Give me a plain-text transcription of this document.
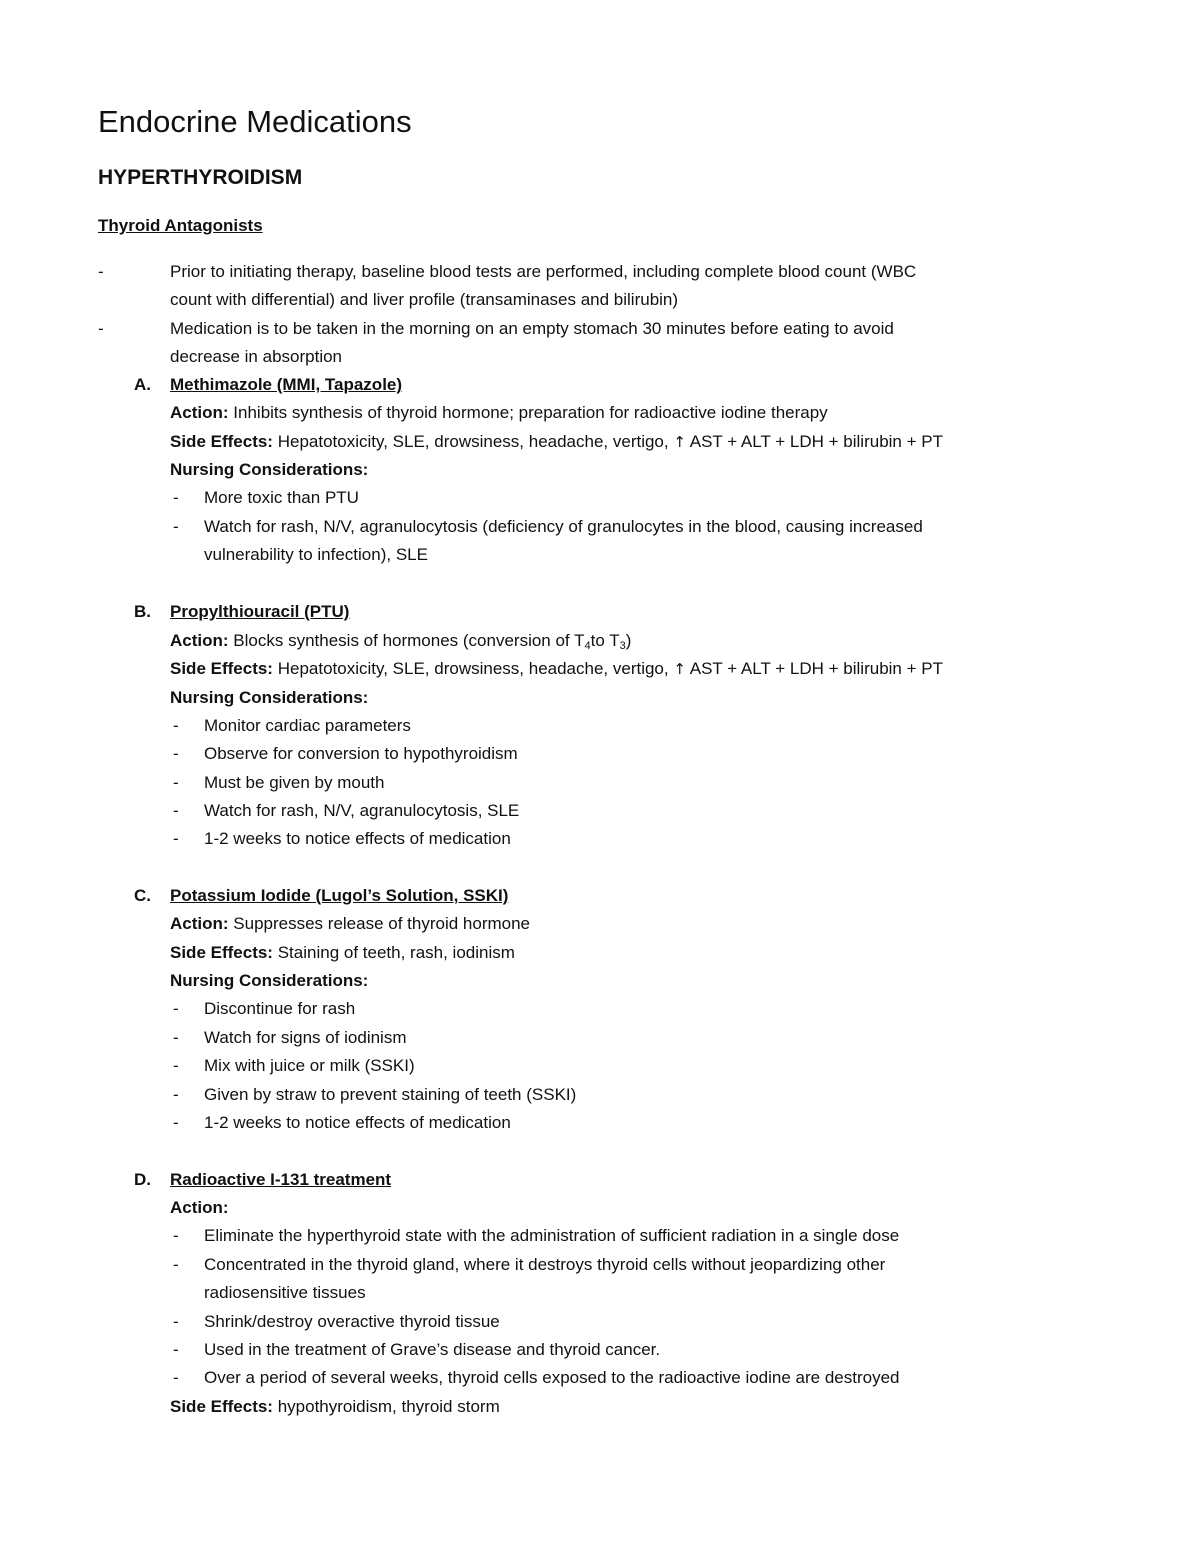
Endocrine Medications
HYPERTHYROIDISM
Thyroid Antagonists
-
Prior to initiating therapy, baseline blood tests are performed, including complete blood count (WBC
count with differential) and liver profile (transaminases and bilirubin)
-
Medication is to be taken in the morning on an empty stomach 30 minutes before eating to avoid
decrease in absorption
A. Methimazole (MMI, Tapazole)
Action: Inhibits synthesis of thyroid hormone; preparation for radioactive iodine therapy
Side Effects: Hepatotoxicity, SLE, drowsiness, headache, vertigo, ↑ AST + ALT + LDH + bilirubin + PT
Nursing Considerations:
-
More toxic than PTU
-
Watch for rash, N/V, agranulocytosis (deficiency of granulocytes in the blood, causing increased
vulnerability to infection), SLE
B. Propylthiouracil (PTU)
Action: Blocks synthesis of hormones (conversion of $T_4to$ $T_3$)
Side Effects: Hepatotoxicity, SLE, drowsiness, headache, vertigo, ↑ AST + ALT + LDH + bilirubin + PT
Nursing Considerations:
-
Monitor cardiac parameters
-
Observe for conversion to hypothyroidism
-
Must be given by mouth
-
Watch for rash, N/V, agranulocytosis, SLE
-
1-2 weeks to notice effects of medication
C. Potassium Iodide (Lugol’s Solution, SSKI)
Action: Suppresses release of thyroid hormone
Side Effects: Staining of teeth, rash, iodinism
Nursing Considerations:
-
Discontinue for rash
-
Watch for signs of iodinism
-
Mix with juice or milk (SSKI)
-
Given by straw to prevent staining of teeth (SSKI)
-
1-2 weeks to notice effects of medication
D. Radioactive I-131 treatment
Action:
-
Eliminate the hyperthyroid state with the administration of sufficient radiation in a single dose
-
Concentrated in the thyroid gland, where it destroys thyroid cells without jeopardizing other
radiosensitive tissues
-
Shrink/destroy overactive thyroid tissue
-
Used in the treatment of Grave’s disease and thyroid cancer.
-
Over a period of several weeks, thyroid cells exposed to the radioactive iodine are destroyed
Side Effects: hypothyroidism, thyroid storm
